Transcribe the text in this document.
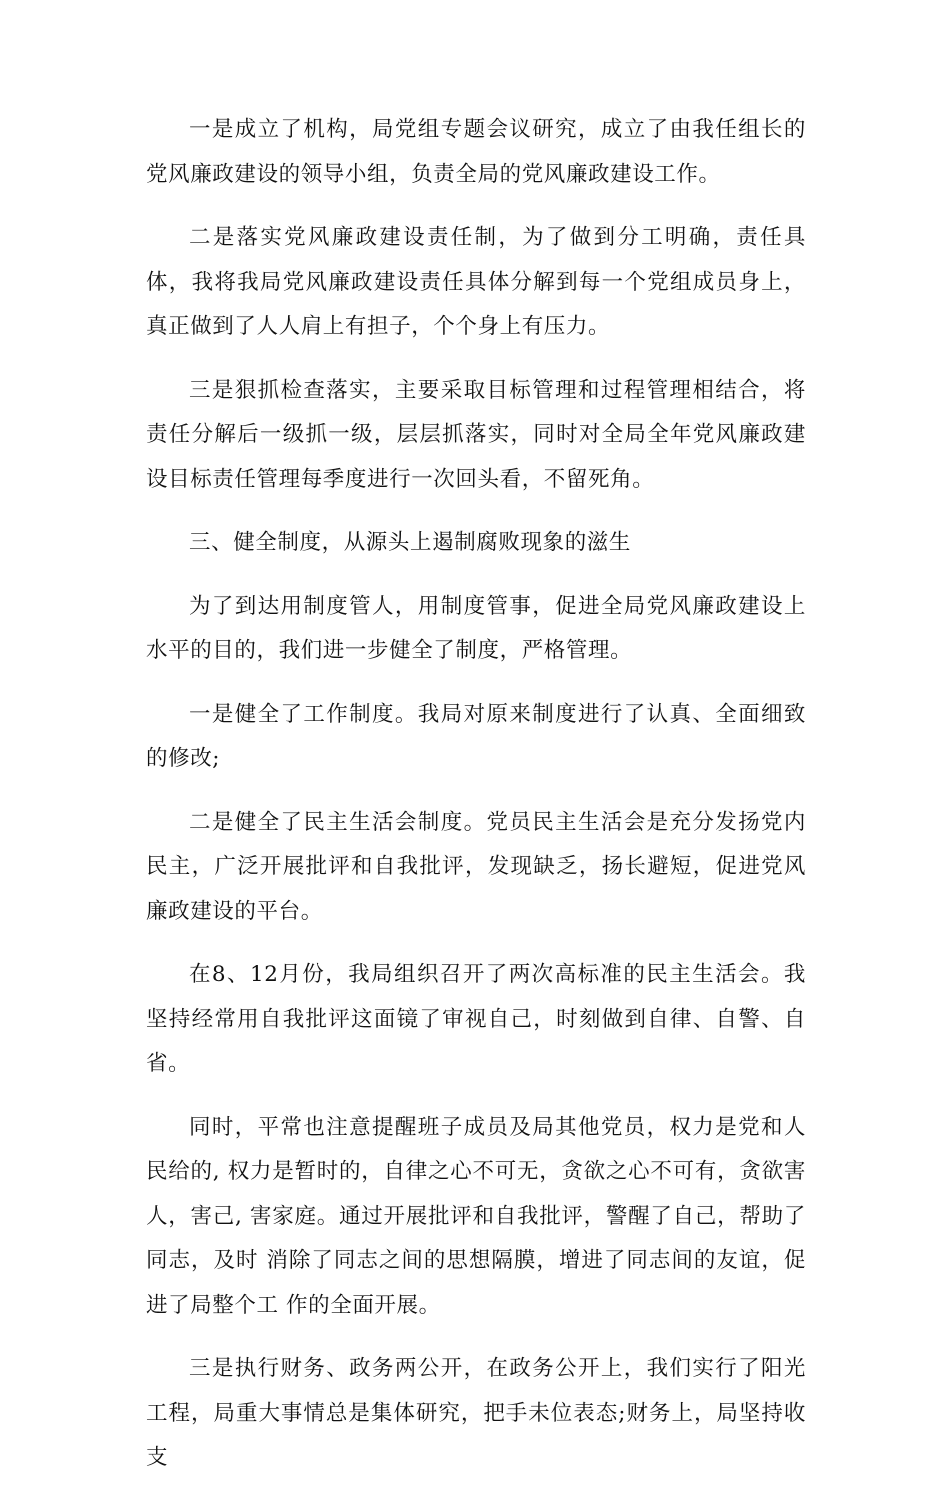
一是成立了机构，局党组专题会议研究，成立了由我任组长的党风廉政建设的领导小组，负责全局的党风廉政建设工作。

二是落实党风廉政建设责任制，为了做到分工明确，责任具体，我将我局党风廉政建设责任具体分解到每一个党组成员身上，真正做到了人人肩上有担子，个个身上有压力。

三是狠抓检查落实，主要采取目标管理和过程管理相结合，将责任分解后一级抓一级，层层抓落实，同时对全局全年党风廉政建设目标责任管理每季度进行一次回头看，不留死角。

三、健全制度，从源头上遏制腐败现象的滋生

为了到达用制度管人，用制度管事，促进全局党风廉政建设上水平的目的，我们进一步健全了制度，严格管理。

一是健全了工作制度。我局对原来制度进行了认真、全面细致的修改;

二是健全了民主生活会制度。党员民主生活会是充分发扬党内民主，广泛开展批评和自我批评，发现缺乏，扬长避短，促进党风廉政建设的平台。

在8、12月份，我局组织召开了两次高标准的民主生活会。我坚持经常用自我批评这面镜了审视自己，时刻做到自律、自警、自省。

同时，平常也注意提醒班子成员及局其他党员，权力是党和人民给的, 权力是暂时的，自律之心不可无，贪欲之心不可有，贪欲害人，害己, 害家庭。通过开展批评和自我批评，警醒了自己，帮助了同志，及时 消除了同志之间的思想隔膜，增进了同志间的友谊，促进了局整个工 作的全面开展。

三是执行财务、政务两公开，在政务公开上，我们实行了阳光工程，局重大事情总是集体研究，把手未位表态;财务上，局坚持收 支
